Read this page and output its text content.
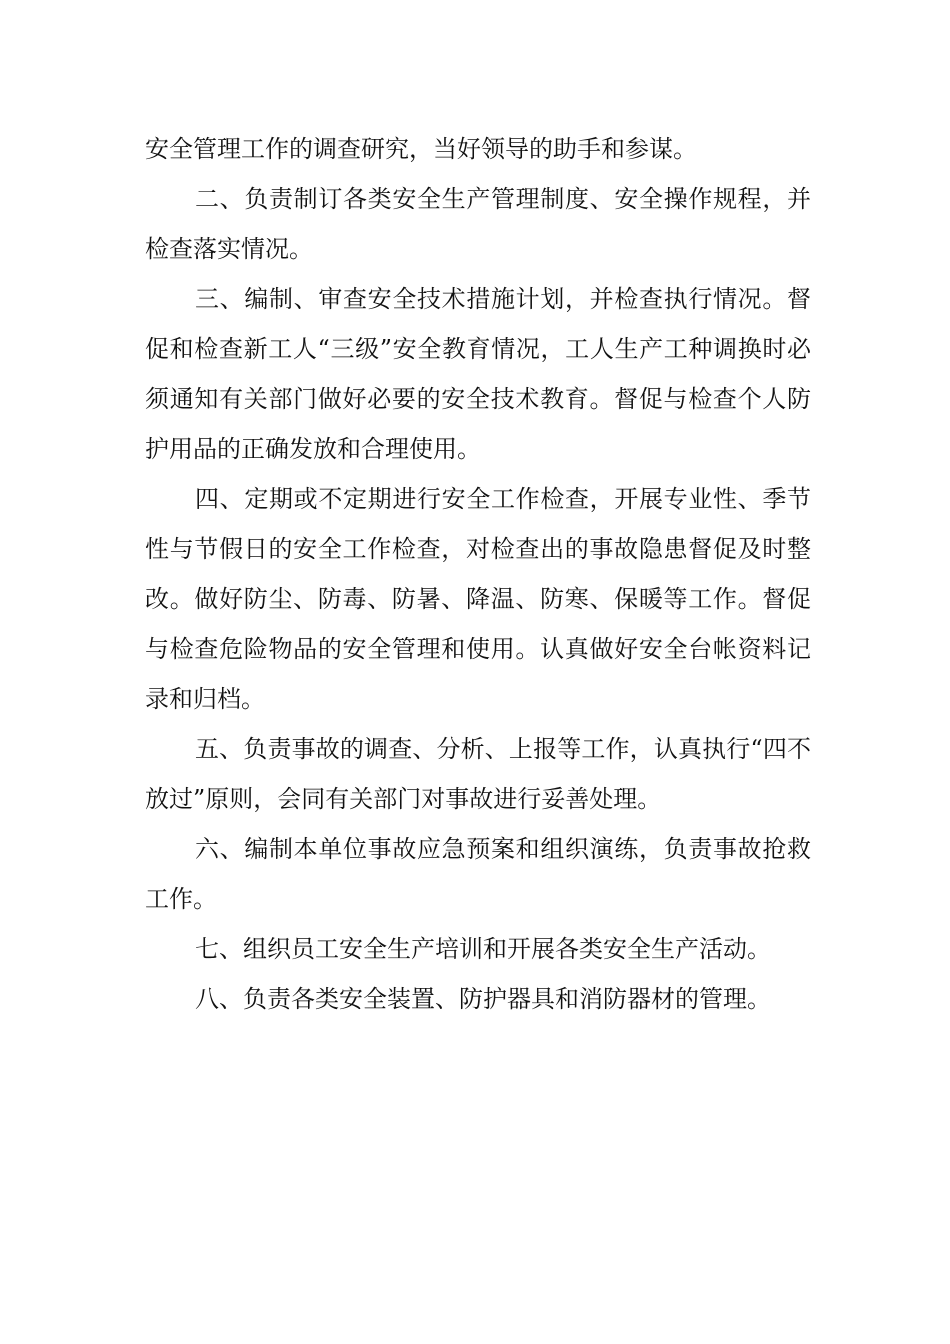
安全管理工作的调查研究，当好领导的助手和参谋。

二、负责制订各类安全生产管理制度、安全操作规程，并检查落实情况。

三、编制、审查安全技术措施计划，并检查执行情况。督促和检查新工人“三级”安全教育情况，工人生产工种调换时必须通知有关部门做好必要的安全技术教育。督促与检查个人防护用品的正确发放和合理使用。

四、定期或不定期进行安全工作检查，开展专业性、季节性与节假日的安全工作检查，对检查出的事故隐患督促及时整改。做好防尘、防毒、防暑、降温、防寒、保暖等工作。督促与检查危险物品的安全管理和使用。认真做好安全台帐资料记录和归档。

五、负责事故的调查、分析、上报等工作，认真执行“四不放过”原则，会同有关部门对事故进行妥善处理。

六、编制本单位事故应急预案和组织演练，负责事故抢救工作。

七、组织员工安全生产培训和开展各类安全生产活动。

八、负责各类安全装置、防护器具和消防器材的管理。
